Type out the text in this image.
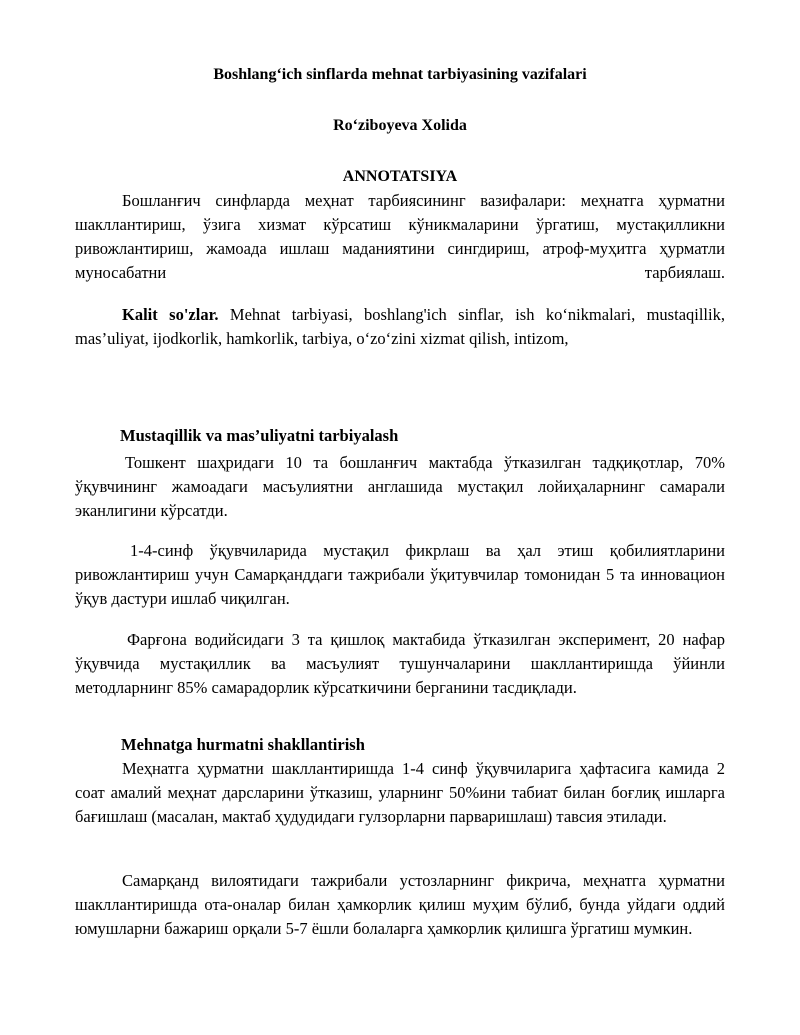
Boshlang‘ich sinflarda mehnat tarbiyasining vazifalari
Ro‘ziboyeva Xolida
ANNOTATSIYA
Бошланғич синфларда меҳнат тарбиясининг вазифалари: меҳнатга ҳурматни шакллантириш, ўзига хизмат кўрсатиш кўникмаларини ўргатиш, мустақилликни ривожлантириш, жамоада ишлаш маданиятини сингдириш, атроф-муҳитга ҳурматли муносабатни тарбиялаш.
Kalit so'zlar. Mehnat tarbiyasi, boshlang'ich sinflar, ish ko‘nikmalari, mustaqillik, mas’uliyat, ijodkorlik, hamkorlik, tarbiya, o‘zo‘zini xizmat qilish, intizom,
Mustaqillik va mas’uliyatni tarbiyalash
Тошкент шаҳридаги 10 та бошланғич мактабда ўтказилган тадқиқотлар, 70% ўқувчининг жамоадаги масъулиятни англашида мустақил лойиҳаларнинг самарали эканлигини кўрсатди.
1-4-синф ўқувчиларида мустақил фикрлаш ва ҳал этиш қобилиятларини ривожлантириш учун Самарқанддаги тажрибали ўқитувчилар томонидан 5 та инновацион ўқув дастури ишлаб чиқилган.
Фарғона водийсидаги 3 та қишлоқ мактабида ўтказилган эксперимент, 20 нафар ўқувчида мустақиллик ва масъулият тушунчаларини шакллантиришда ўйинли методларнинг 85% самарадорлик кўрсаткичини берганини тасдиқлади.
Mehnatga hurmatni shakllantirish
Меҳнатга ҳурматни шакллантиришда 1-4 синф ўқувчиларига ҳафтасига камида 2 соат амалий меҳнат дарсларини ўтказиш, уларнинг 50%ини табиат билан боғлиқ ишларга бағишлаш (масалан, мактаб ҳудудидаги гулзорларни парваришлаш) тавсия этилади.
Самарқанд вилоятидаги тажрибали устозларнинг фикрича, меҳнатга ҳурматни шакллантиришда ота-оналар билан ҳамкорлик қилиш муҳим бўлиб, бунда уйдаги оддий юмушларни бажариш орқали 5-7 ёшли болаларга ҳамкорлик қилишга ўргатиш мумкин.
